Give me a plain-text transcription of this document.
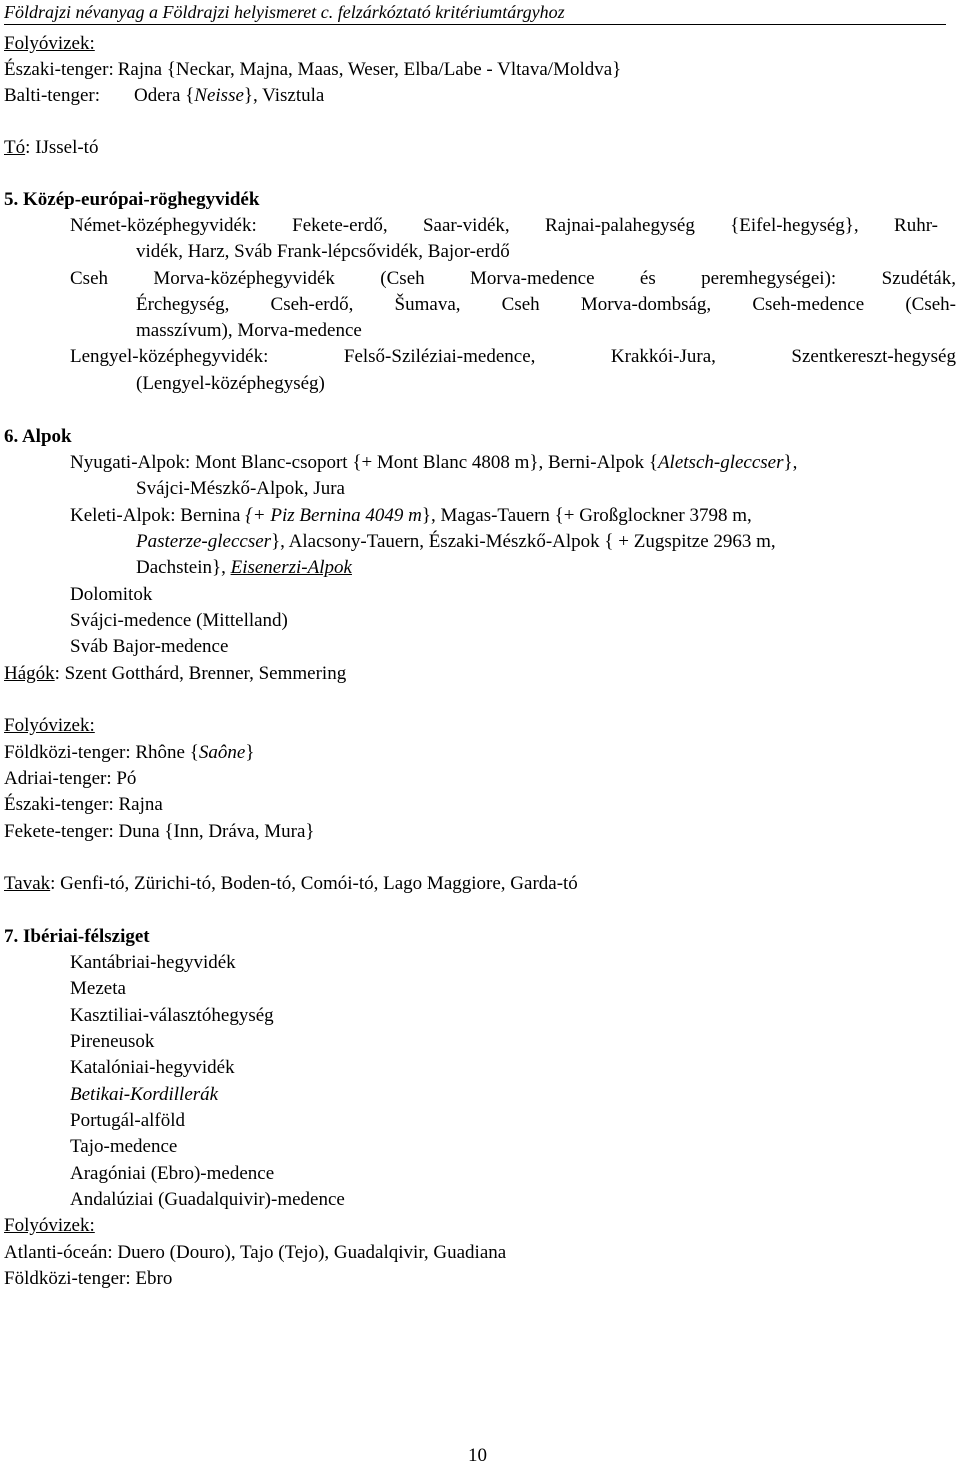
Földrajzi névanyag a Földrajzi helyismeret c. felzárkóztató kritériumtárgyhoz
Folyóvizek:
Északi-tenger: Rajna {Neckar, Majna, Maas, Weser, Elba/Labe - Vltava/Moldva}
Balti-tenger: Odera {Neisse}, Visztula
Tó: IJssel-tó
5. Közép-európai-röghegyvidék
Német-középhegyvidék: Fekete-erdő, Saar-vidék, Rajnai-palahegység {Eifel-hegység}, Ruhr-
vidék, Harz, Sváb Frank-lépcsővidék, Bajor-erdő
Cseh Morva-középhegyvidék (Cseh Morva-medence és peremhegységei): Szudéták,
Érchegység, Cseh-erdő, Šumava, Cseh Morva-dombság, Cseh-medence (Cseh-
masszívum), Morva-medence
Lengyel-középhegyvidék: Felső-Sziléziai-medence, Krakkói-Jura, Szentkereszt-hegység
(Lengyel-középhegység)
6. Alpok
Nyugati-Alpok: Mont Blanc-csoport {+ Mont Blanc 4808 m}, Berni-Alpok {Aletsch-gleccser},
Svájci-Mészkő-Alpok, Jura
Keleti-Alpok: Bernina {+ Piz Bernina 4049 m}, Magas-Tauern {+ Großglockner 3798 m,
Pasterze-gleccser}, Alacsony-Tauern, Északi-Mészkő-Alpok { + Zugspitze 2963 m,
Dachstein}, Eisenerzi-Alpok
Dolomitok
Svájci-medence (Mittelland)
Sváb Bajor-medence
Hágók: Szent Gotthárd, Brenner, Semmering
Folyóvizek:
Földközi-tenger: Rhône {Saône}
Adriai-tenger: Pó
Északi-tenger: Rajna
Fekete-tenger: Duna {Inn, Dráva, Mura}
Tavak: Genfi-tó, Zürichi-tó, Boden-tó, Comói-tó, Lago Maggiore, Garda-tó
7. Ibériai-félsziget
Kantábriai-hegyvidék
Mezeta
Kasztiliai-választóhegység
Pireneusok
Katalóniai-hegyvidék
Betikai-Kordillerák
Portugál-alföld
Tajo-medence
Aragóniai (Ebro)-medence
Andalúziai (Guadalquivir)-medence
Folyóvizek:
Atlanti-óceán: Duero (Douro), Tajo (Tejo), Guadalqivir, Guadiana
Földközi-tenger: Ebro
10
